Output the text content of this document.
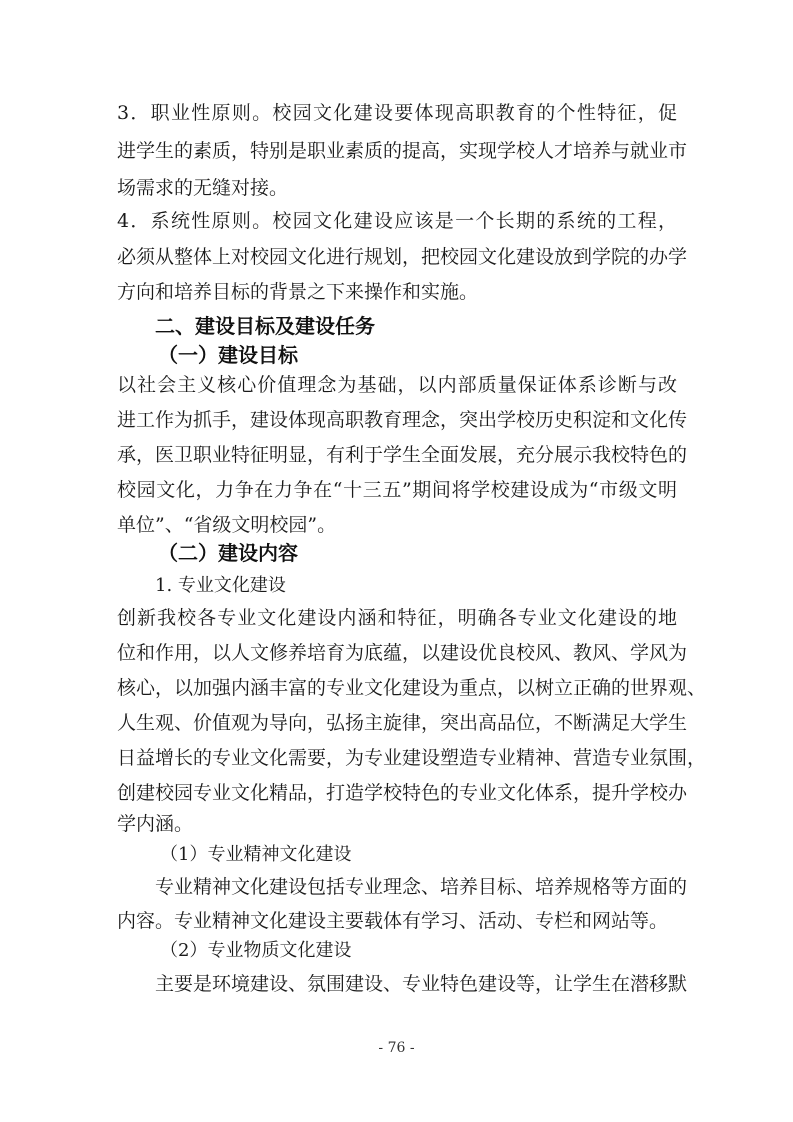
3．职业性原则。校园文化建设要体现高职教育的个性特征，促
进学生的素质，特别是职业素质的提高，实现学校人才培养与就业市
场需求的无缝对接。
4．系统性原则。校园文化建设应该是一个长期的系统的工程，
必须从整体上对校园文化进行规划，把校园文化建设放到学院的办学
方向和培养目标的背景之下来操作和实施。
二、建设目标及建设任务
（一）建设目标
以社会主义核心价值理念为基础，以内部质量保证体系诊断与改
进工作为抓手，建设体现高职教育理念，突出学校历史积淀和文化传
承，医卫职业特征明显，有利于学生全面发展，充分展示我校特色的
校园文化，力争在力争在“十三五”期间将学校建设成为“市级文明
单位”、“省级文明校园”。
（二）建设内容
1. 专业文化建设
创新我校各专业文化建设内涵和特征，明确各专业文化建设的地
位和作用，以人文修养培育为底蕴，以建设优良校风、教风、学风为
核心，以加强内涵丰富的专业文化建设为重点，以树立正确的世界观、
人生观、价值观为导向，弘扬主旋律，突出高品位，不断满足大学生
日益增长的专业文化需要，为专业建设塑造专业精神、营造专业氛围，
创建校园专业文化精品，打造学校特色的专业文化体系，提升学校办
学内涵。
（1）专业精神文化建设
专业精神文化建设包括专业理念、培养目标、培养规格等方面的
内容。专业精神文化建设主要载体有学习、活动、专栏和网站等。
（2）专业物质文化建设
主要是环境建设、氛围建设、专业特色建设等，让学生在潜移默
- 76 -
